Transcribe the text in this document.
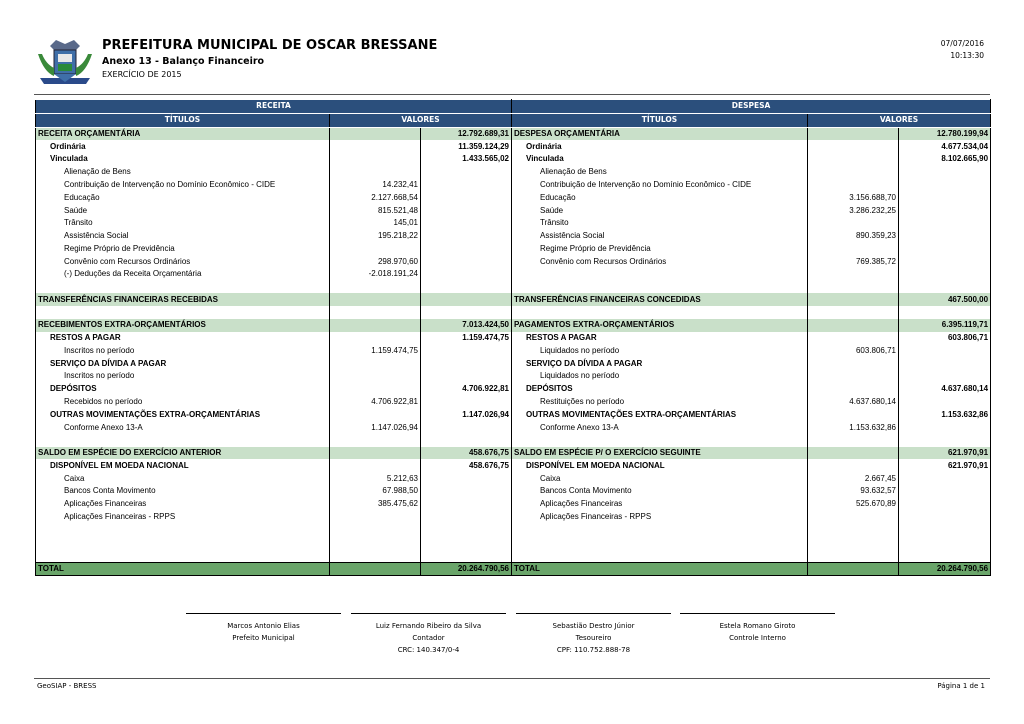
PREFEITURA MUNICIPAL DE OSCAR BRESSANE
Anexo 13 - Balanço Financeiro
EXERCÍCIO DE 2015
07/07/2016
10:13:30
RECEITA			DESPESA		
TÍTULOS	VALORES		TÍTULOS	VALORES	
RECEITA ORÇAMENTÁRIA		12.792.689,31	DESPESA ORÇAMENTÁRIA		12.780.199,94
Ordinária		11.359.124,29	Ordinária		4.677.534,04
Vinculada		1.433.565,02	Vinculada		8.102.665,90
Alienação de Bens			Alienação de Bens		
Contribuição de Intervenção no Domínio Econômico - CIDE	14.232,41		Contribuição de Intervenção no Domínio Econômico - CIDE		
Educação	2.127.668,54		Educação	3.156.688,70	
Saúde	815.521,48		Saúde	3.286.232,25	
Trânsito	145,01		Trânsito		
Assistência Social	195.218,22		Assistência Social	890.359,23	
Regime Próprio de Previdência			Regime Próprio de Previdência		
Convênio com Recursos Ordinários	298.970,60		Convênio com Recursos Ordinários	769.385,72	
(-) Deduções da Receita Orçamentária	-2.018.191,24				

TRANSFERÊNCIAS FINANCEIRAS RECEBIDAS			TRANSFERÊNCIAS FINANCEIRAS CONCEDIDAS		467.500,00

RECEBIMENTOS EXTRA-ORÇAMENTÁRIOS		7.013.424,50	PAGAMENTOS EXTRA-ORÇAMENTÁRIOS		6.395.119,71
RESTOS A PAGAR		1.159.474,75	RESTOS A PAGAR		603.806,71
Inscritos no período	1.159.474,75		Liquidados no período	603.806,71	
SERVIÇO DA DÍVIDA A PAGAR			SERVIÇO DA DÍVIDA A PAGAR		
Inscritos no período			Liquidados no período		
DEPÓSITOS		4.706.922,81	DEPÓSITOS		4.637.680,14
Recebidos no período	4.706.922,81		Restituições no período	4.637.680,14	
OUTRAS MOVIMENTAÇÕES EXTRA-ORÇAMENTÁRIAS		1.147.026,94	OUTRAS MOVIMENTAÇÕES EXTRA-ORÇAMENTÁRIAS		1.153.632,86
Conforme Anexo 13-A	1.147.026,94		Conforme Anexo 13-A	1.153.632,86	

SALDO EM ESPÉCIE DO EXERCÍCIO ANTERIOR		458.676,75	SALDO EM ESPÉCIE P/ O EXERCÍCIO SEGUINTE		621.970,91
DISPONÍVEL EM MOEDA NACIONAL		458.676,75	DISPONÍVEL EM MOEDA NACIONAL		621.970,91
Caixa	5.212,63		Caixa	2.667,45	
Bancos Conta Movimento	67.988,50		Bancos Conta Movimento	93.632,57	
Aplicações Financeiras	385.475,62		Aplicações Financeiras	525.670,89	
Aplicações Financeiras - RPPS			Aplicações Financeiras - RPPS		

TOTAL		20.264.790,56	TOTAL		20.264.790,56
Marcos Antonio Elias
Prefeito Municipal
Luiz Fernando Ribeiro da Silva
Contador
CRC: 140.347/0-4
Sebastião Destro Júnior
Tesoureiro
CPF: 110.752.888-78
Estela Romano Giroto
Controle Interno
GeoSIAP - BRESS	Página 1 de 1
